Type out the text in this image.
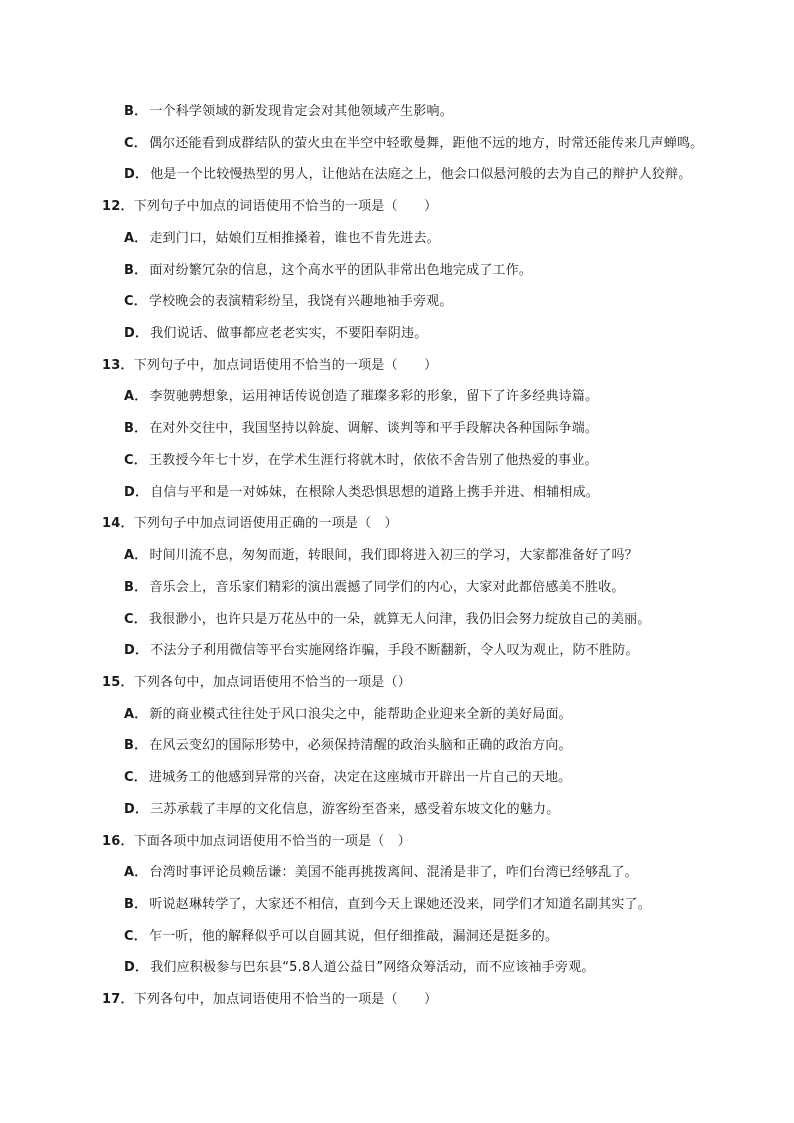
B． 一个科学领域的新发现肯定会对其他领域产生影响。
C． 偶尔还能看到成群结队的萤火虫在半空中轻歌曼舞，距他不远的地方，时常还能传来几声蝉鸣。
D． 他是一个比较慢热型的男人，让他站在法庭之上，他会口似悬河般的去为自己的辩护人狡辩。
12．下列句子中加点的词语使用不恰当的一项是（　　）
A． 走到门口，姑娘们互相推搡着，谁也不肯先进去。
B． 面对纷繁冗杂的信息，这个高水平的团队非常出色地完成了工作。
C． 学校晚会的表演精彩纷呈，我饶有兴趣地袖手旁观。
D． 我们说话、做事都应老老实实，不要阳奉阴违。
13．下列句子中，加点词语使用不恰当的一项是（　　）
A． 李贺驰骋想象，运用神话传说创造了璀璨多彩的形象，留下了许多经典诗篇。
B． 在对外交往中，我国坚持以斡旋、调解、谈判等和平手段解决各种国际争端。
C． 王教授今年七十岁，在学术生涯行将就木时，依依不舍告别了他热爱的事业。
D． 自信与平和是一对姊妹，在根除人类恐惧思想的道路上携手并进、相辅相成。
14．下列句子中加点词语使用正确的一项是（　）
A． 时间川流不息，匆匆而逝，转眼间，我们即将进入初三的学习，大家都准备好了吗？
B． 音乐会上，音乐家们精彩的演出震撼了同学们的内心，大家对此都倍感美不胜收。
C． 我很渺小，也许只是万花丛中的一朵，就算无人问津，我仍旧会努力绽放自己的美丽。
D． 不法分子利用微信等平台实施网络诈骗，手段不断翻新，令人叹为观止，防不胜防。
15．下列各句中，加点词语使用不恰当的一项是（）
A． 新的商业模式往往处于风口浪尖之中，能帮助企业迎来全新的美好局面。
B． 在风云变幻的国际形势中，必须保持清醒的政治头脑和正确的政治方向。
C． 进城务工的他感到异常的兴奋，决定在这座城市开辟出一片自己的天地。
D． 三苏承载了丰厚的文化信息，游客纷至沓来，感受着东坡文化的魅力。
16．下面各项中加点词语使用不恰当的一项是（　）
A． 台湾时事评论员赖岳谦：美国不能再挑拨离间、混淆是非了，咋们台湾已经够乱了。
B． 听说赵琳转学了，大家还不相信，直到今天上课她还没来，同学们才知道名副其实了。
C． 乍一听，他的解释似乎可以自圆其说，但仔细推敲，漏洞还是挺多的。
D． 我们应积极参与巴东县“5.8人道公益日”网络众筹活动，而不应该袖手旁观。
17．下列各句中，加点词语使用不恰当的一项是（　　）
